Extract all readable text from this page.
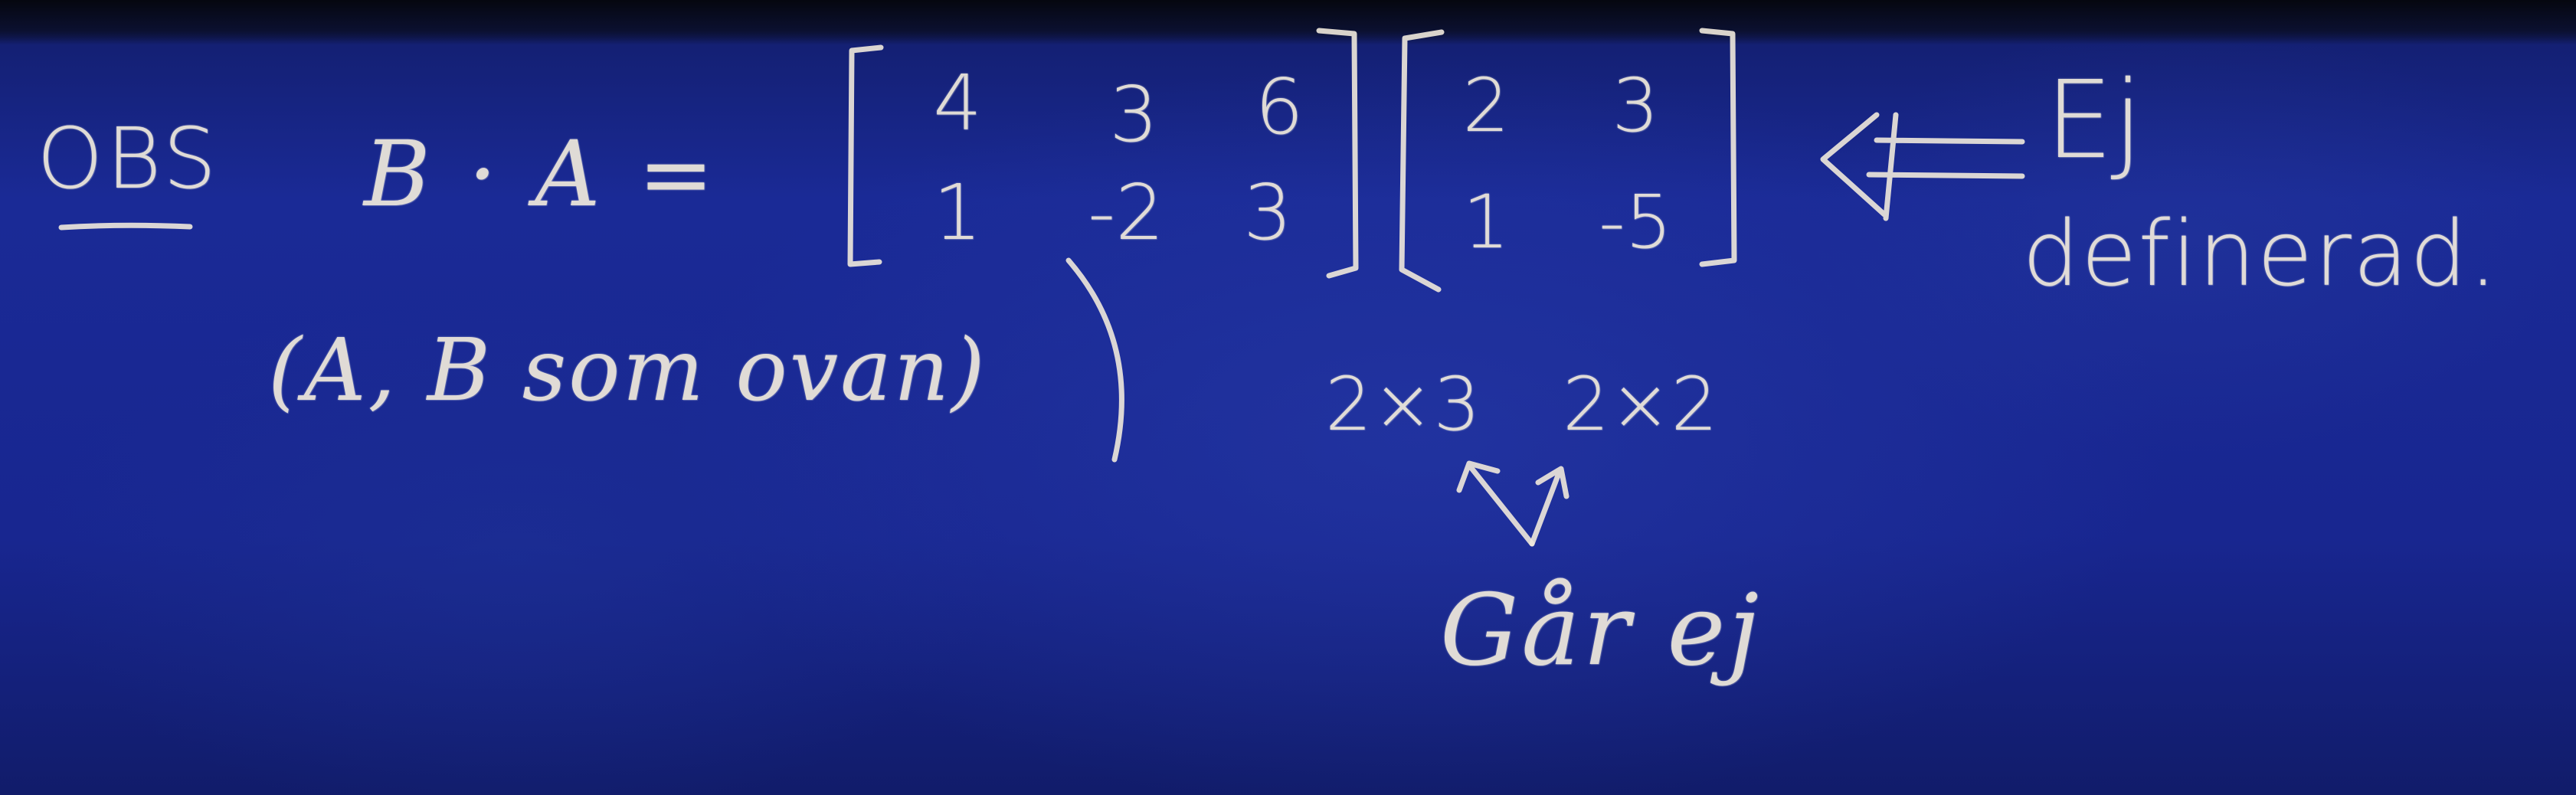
OBS B · A =
4 3 6
1	-2	3
2	3
1	-5
Ej
definerad.
(A, B som ovan)	2×3 2×2
Går ej
